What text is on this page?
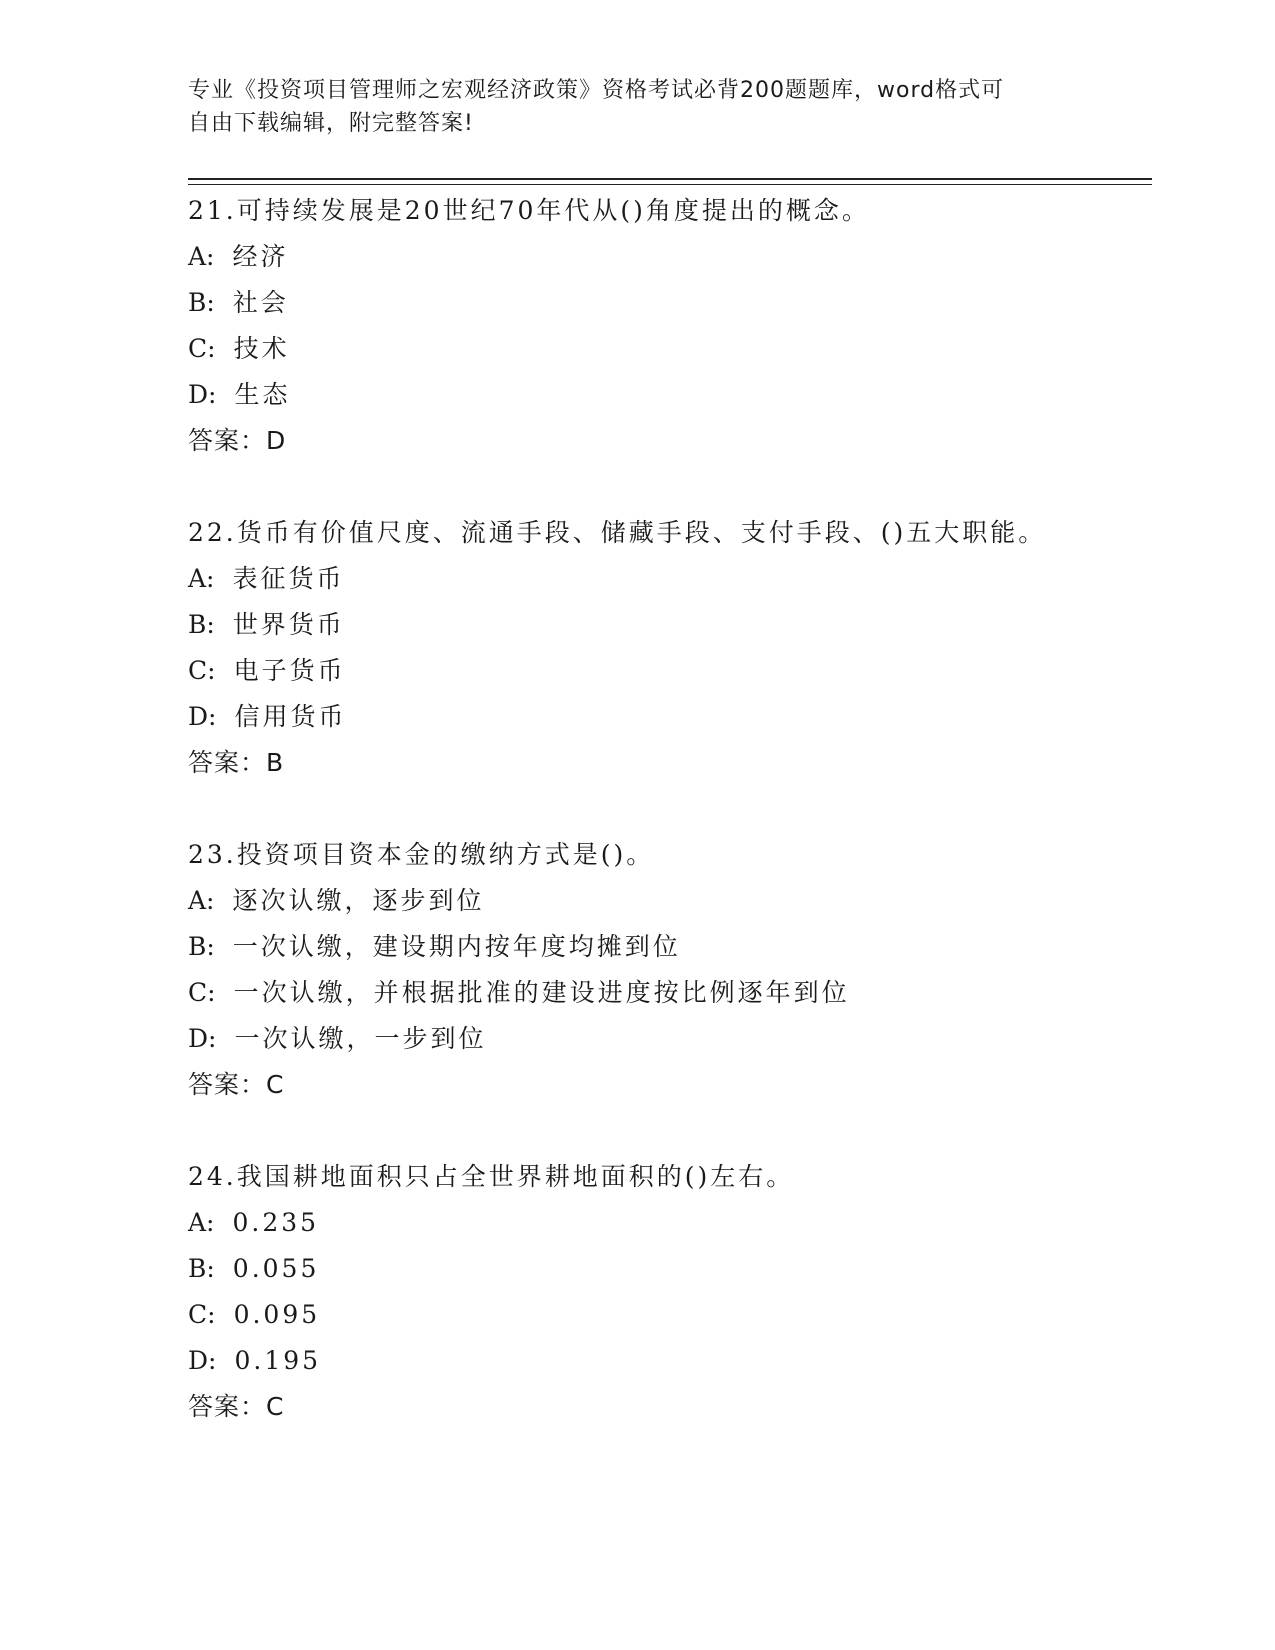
专业《投资项目管理师之宏观经济政策》资格考试必背200题题库，word格式可
自由下载编辑，附完整答案!
21.可持续发展是20世纪70年代从()角度提出的概念。
A: 经济
B: 社会
C: 技术
D: 生态
答案：D
22.货币有价值尺度、流通手段、储藏手段、支付手段、()五大职能。
A: 表征货币
B: 世界货币
C: 电子货币
D: 信用货币
答案：B
23.投资项目资本金的缴纳方式是()。
A: 逐次认缴，逐步到位
B: 一次认缴，建设期内按年度均摊到位
C: 一次认缴，并根据批准的建设进度按比例逐年到位
D: 一次认缴，一步到位
答案：C
24.我国耕地面积只占全世界耕地面积的()左右。
A: 0.235
B: 0.055
C: 0.095
D: 0.195
答案：C
